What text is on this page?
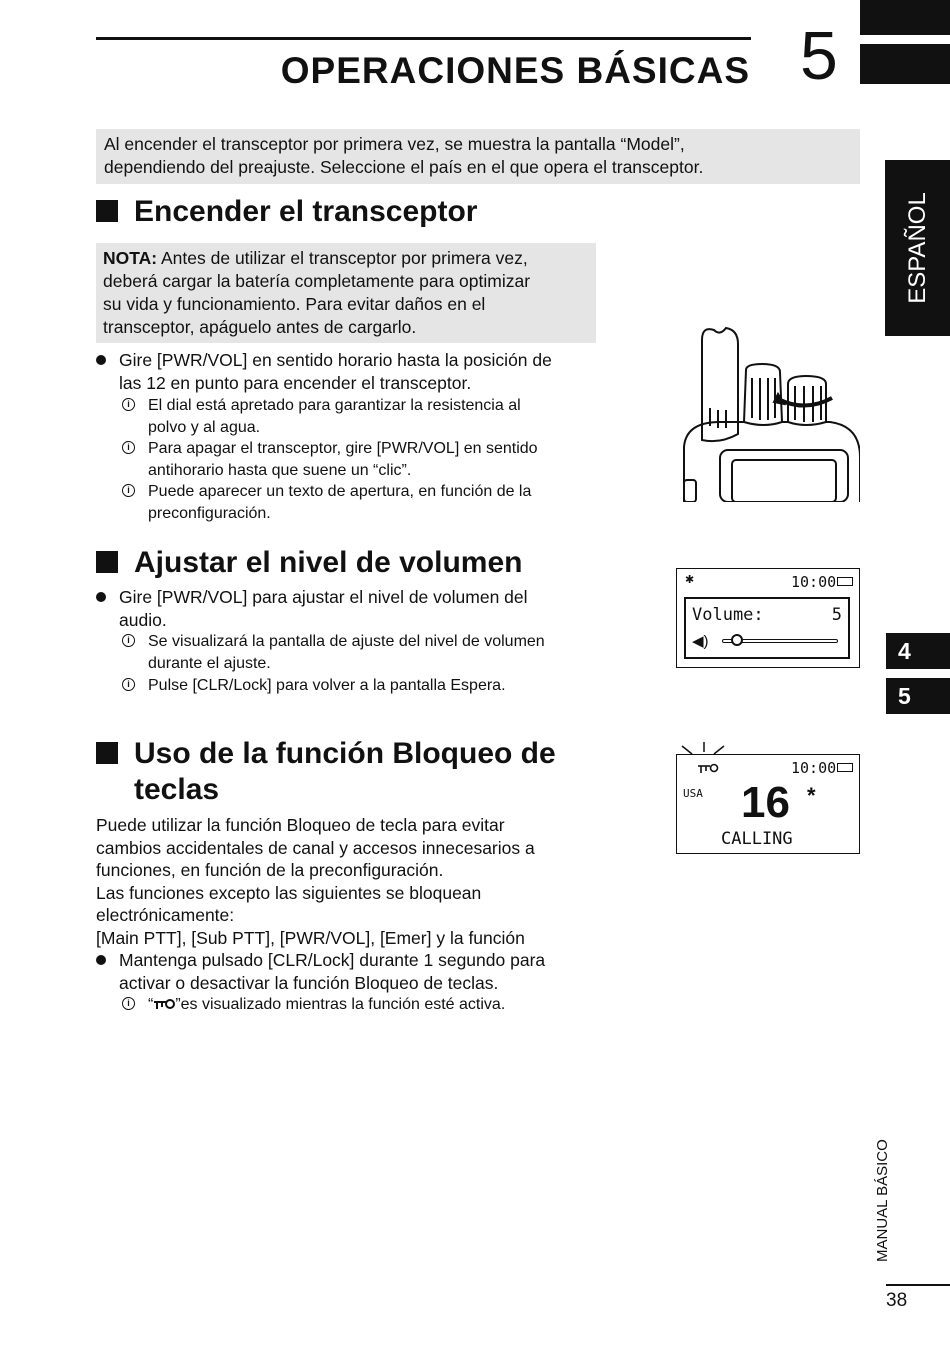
OPERACIONES BÁSICAS 5
ESPAÑOL
4
5
Al encender el transceptor por primera vez, se muestra la pantalla “Model”,
dependiendo del preajuste. Seleccione el país en el que opera el transceptor.
Encender el transceptor
NOTA: Antes de utilizar el transceptor por primera vez,
deberá cargar la batería completamente para optimizar
su vida y funcionamiento. Para evitar daños en el
transceptor, apáguelo antes de cargarlo.
Gire [PWR/VOL] en sentido horario hasta la posición de
las 12 en punto para encender el transceptor.
i	El dial está apretado para garantizar la resistencia al
polvo y al agua.
i	Para apagar el transceptor, gire [PWR/VOL] en sentido
antihorario hasta que suene un “clic”.
i	Puede aparecer un texto de apertura, en función de la
preconfiguración.
Ajustar el nivel de volumen
Gire [PWR/VOL] para ajustar el nivel de volumen del
audio.
i	Se visualizará la pantalla de ajuste del nivel de volumen
durante el ajuste.
i	Pulse [CLR/Lock] para volver a la pantalla Espera.
✱	10:00
Volume:	5
◀)
Uso de la función Bloqueo de
teclas
Puede utilizar la función Bloqueo de tecla para evitar
cambios accidentales de canal y accesos innecesarios a
funciones, en función de la preconfiguración.
Las funciones excepto las siguientes se bloquean
electrónicamente:
[Main PTT], [Sub PTT], [PWR/VOL], [Emer] y la función
Mantenga pulsado [CLR/Lock] durante 1 segundo para
activar o desactivar la función Bloqueo de teclas.
i	“ ”es visualizado mientras la función esté activa.
10:00
USA 16 *
CALLING
MANUAL BÁSICO
38
